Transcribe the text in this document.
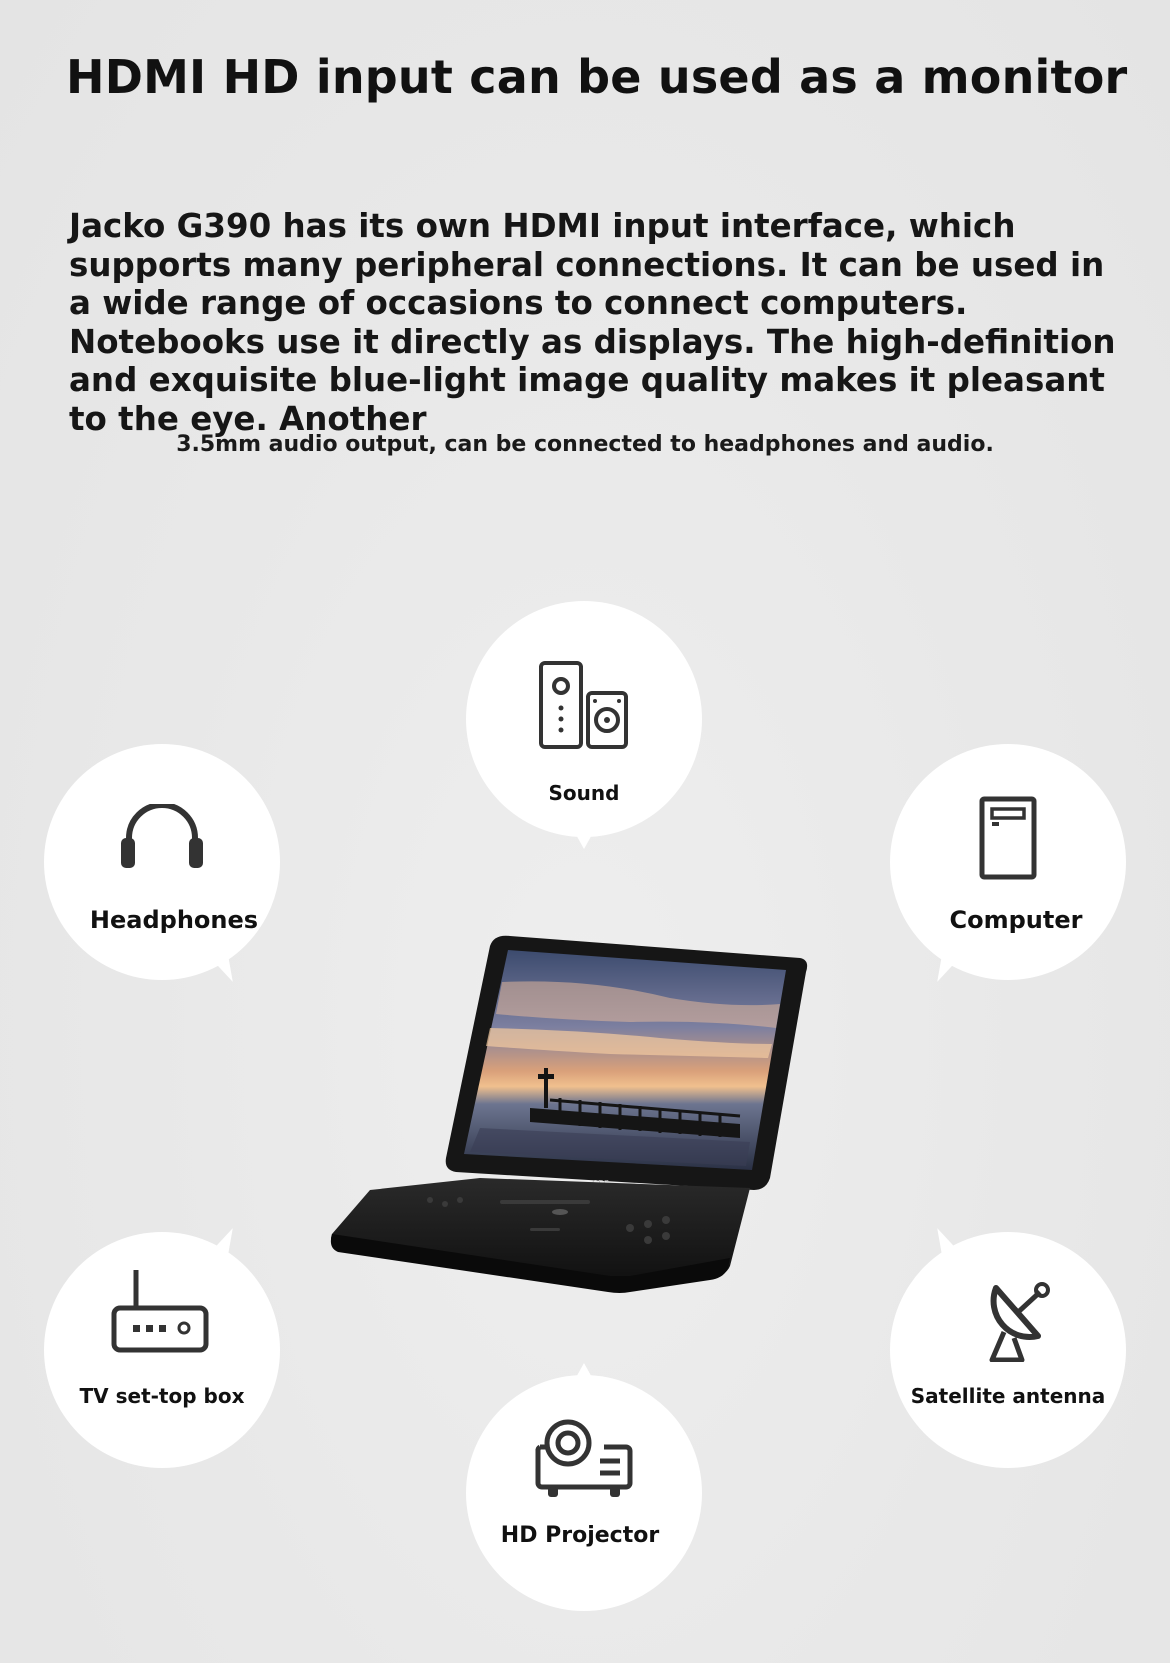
HDMI HD input can be used as a monitor

Jacko G390 has its own HDMI input interface, which supports many peripheral connections. It can be used in a wide range of occasions to connect computers. Notebooks use it directly as displays. The high-definition and exquisite blue-light image quality makes it pleasant to the eye. Another

3.5mm audio output, can be connected to headphones and audio.

Sound
Headphones	Computer
TV set-top box	Satellite antenna
HD Projector
